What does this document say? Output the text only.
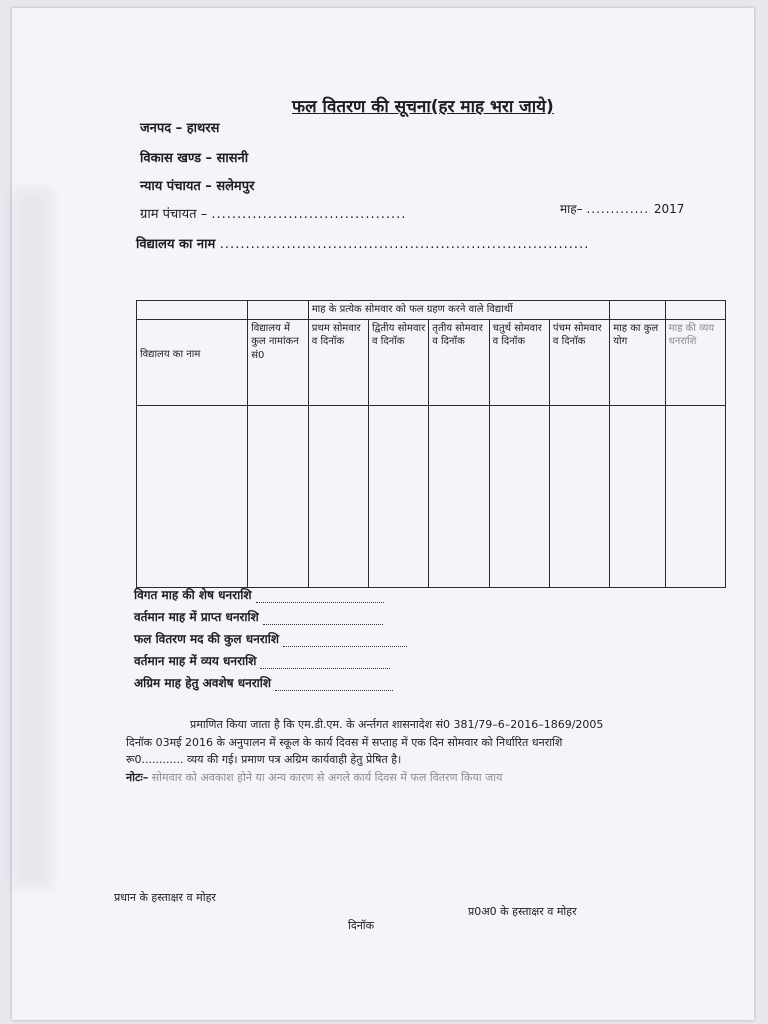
फल वितरण की सूचना(हर माह भरा जाये)
जनपद – हाथरस
विकास खण्ड – सासनी
न्याय पंचायत – सलेमपुर
ग्राम पंचायत – ......................................
विद्यालय का नाम ........................................................................
माह– ............. 2017
		माह के प्रत्येक सोमवार को फल ग्रहण करने वाले विद्यार्थी						
विद्यालय का नाम	विद्यालय में कुल नामांकन सं0	प्रथम सोमवार व दिनॉक	द्वितीय सोमवार व दिनॉक	तृतीय सोमवार व दिनॉक	चतुर्थ सोमवार व दिनॉक	पंचम सोमवार व दिनॉक	माह का कुल योग	माह की व्यय धनराशि

विगत माह की शेष धनराशि
वर्तमान माह में प्राप्त धनराशि
फल वितरण मद की कुल धनराशि
वर्तमान माह में व्यय धनराशि
अग्रिम माह हेतु अवशेष धनराशि

प्रमाणित किया जाता है कि एम.डी.एम. के अर्न्तगत शासनादेश सं0 381/79–6–2016–1869/2005

दिनॉक 03मई 2016 के अनुपालन में स्कूल के कार्य दिवस में सप्ताह में एक दिन सोमवार को निर्धारित धनराशि

रू0............ व्यय की गई। प्रमाण पत्र अग्रिम कार्यवाही हेतु प्रेषित है।

नोटः– सोमवार को अवकाश होने या अन्य कारण से अगले कार्य दिवस में फल वितरण किया जाय

प्रधान के हस्ताक्षर व मोहर
दिनॉक
प्र0अ0 के हस्ताक्षर व मोहर
